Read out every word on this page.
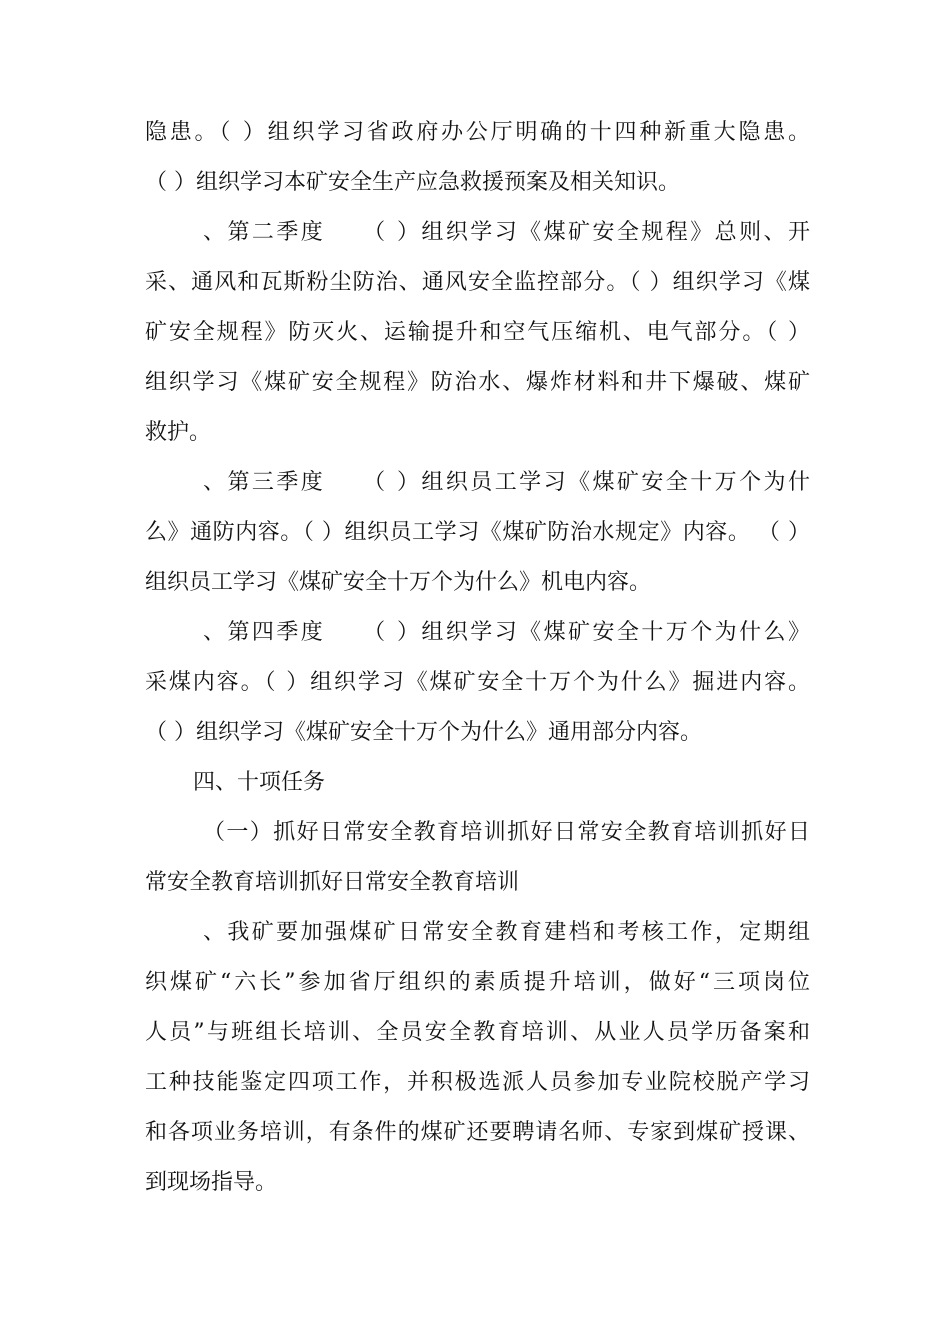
隐患。（ ）组织学习省政府办公厅明确的十四种新重大隐患。
（ ）组织学习本矿安全生产应急救援预案及相关知识。
、第二季度　　（ ）组织学习《煤矿安全规程》总则、开
采、通风和瓦斯粉尘防治、通风安全监控部分。（ ）组织学习《煤
矿安全规程》防灭火、运输提升和空气压缩机、电气部分。（ ）
组织学习《煤矿安全规程》防治水、爆炸材料和井下爆破、煤矿
救护。
、第三季度　　（ ）组织员工学习《煤矿安全十万个为什
么》通防内容。（ ）组织员工学习《煤矿防治水规定》内容。 （ ）
组织员工学习《煤矿安全十万个为什么》机电内容。
、第四季度　　（ ）组织学习《煤矿安全十万个为什么》
采煤内容。（ ）组织学习《煤矿安全十万个为什么》掘进内容。
（ ）组织学习《煤矿安全十万个为什么》通用部分内容。
四、十项任务
（一）抓好日常安全教育培训抓好日常安全教育培训抓好日
常安全教育培训抓好日常安全教育培训
、我矿要加强煤矿日常安全教育建档和考核工作，定期组
织煤矿“六长”参加省厅组织的素质提升培训，做好“三项岗位
人员”与班组长培训、全员安全教育培训、从业人员学历备案和
工种技能鉴定四项工作，并积极选派人员参加专业院校脱产学习
和各项业务培训，有条件的煤矿还要聘请名师、专家到煤矿授课、
到现场指导。
